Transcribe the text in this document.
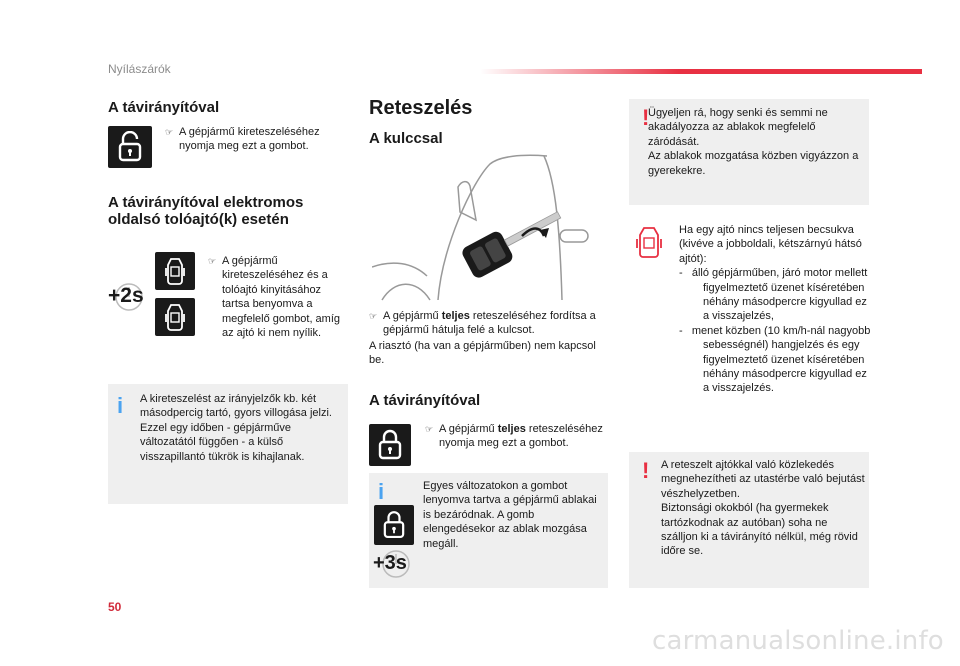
Nyílászárók
A távirányítóval
☞ A gépjármű kireteszeléséhez nyomja meg ezt a gombot.
A távirányítóval elektromos oldalsó tolóajtó(k) esetén
+2s
☞ A gépjármű kireteszeléséhez és a tolóajtó kinyitásához tartsa benyomva a megfelelő gombot, amíg az ajtó ki nem nyílik.
i A kireteszelést az irányjelzők kb. két másodpercig tartó, gyors villogása jelzi.
Ezzel egy időben - gépjárműve változatától függően - a külső visszapillantó tükrök is kihajlanak.
Reteszelés
A kulccsal
☞ A gépjármű teljes reteszeléséhez fordítsa a gépjármű hátulja felé a kulcsot.
A riasztó (ha van a gépjárműben) nem kapcsol be.
A távirányítóval
☞ A gépjármű teljes reteszeléséhez nyomja meg ezt a gombot.
i
+3s
Egyes változatokon a gombot lenyomva tartva a gépjármű ablakai is bezáródnak. A gomb elengedésekor az ablak mozgása megáll.
!
Ügyeljen rá, hogy senki és semmi ne akadályozza az ablakok megfelelő záródását.
Az ablakok mozgatása közben vigyázzon a gyerekekre.
Ha egy ajtó nincs teljesen becsukva (kivéve a jobboldali, kétszárnyú hátsó ajtót):
-   álló gépjárműben, járó motor mellett figyelmeztető üzenet kíséretében néhány másodpercre kigyullad ez a visszajelzés,
-   menet közben (10 km/h-nál nagyobb sebességnél) hangjelzés és egy figyelmeztető üzenet kíséretében néhány másodpercre kigyullad ez a visszajelzés.
! A reteszelt ajtókkal való közlekedés megnehezítheti az utastérbe való bejutást vészhelyzetben.
Biztonsági okokból (ha gyermekek tartózkodnak az autóban) soha ne szálljon ki a távirányító nélkül, még rövid időre se.
50
carmanualsonline.info
